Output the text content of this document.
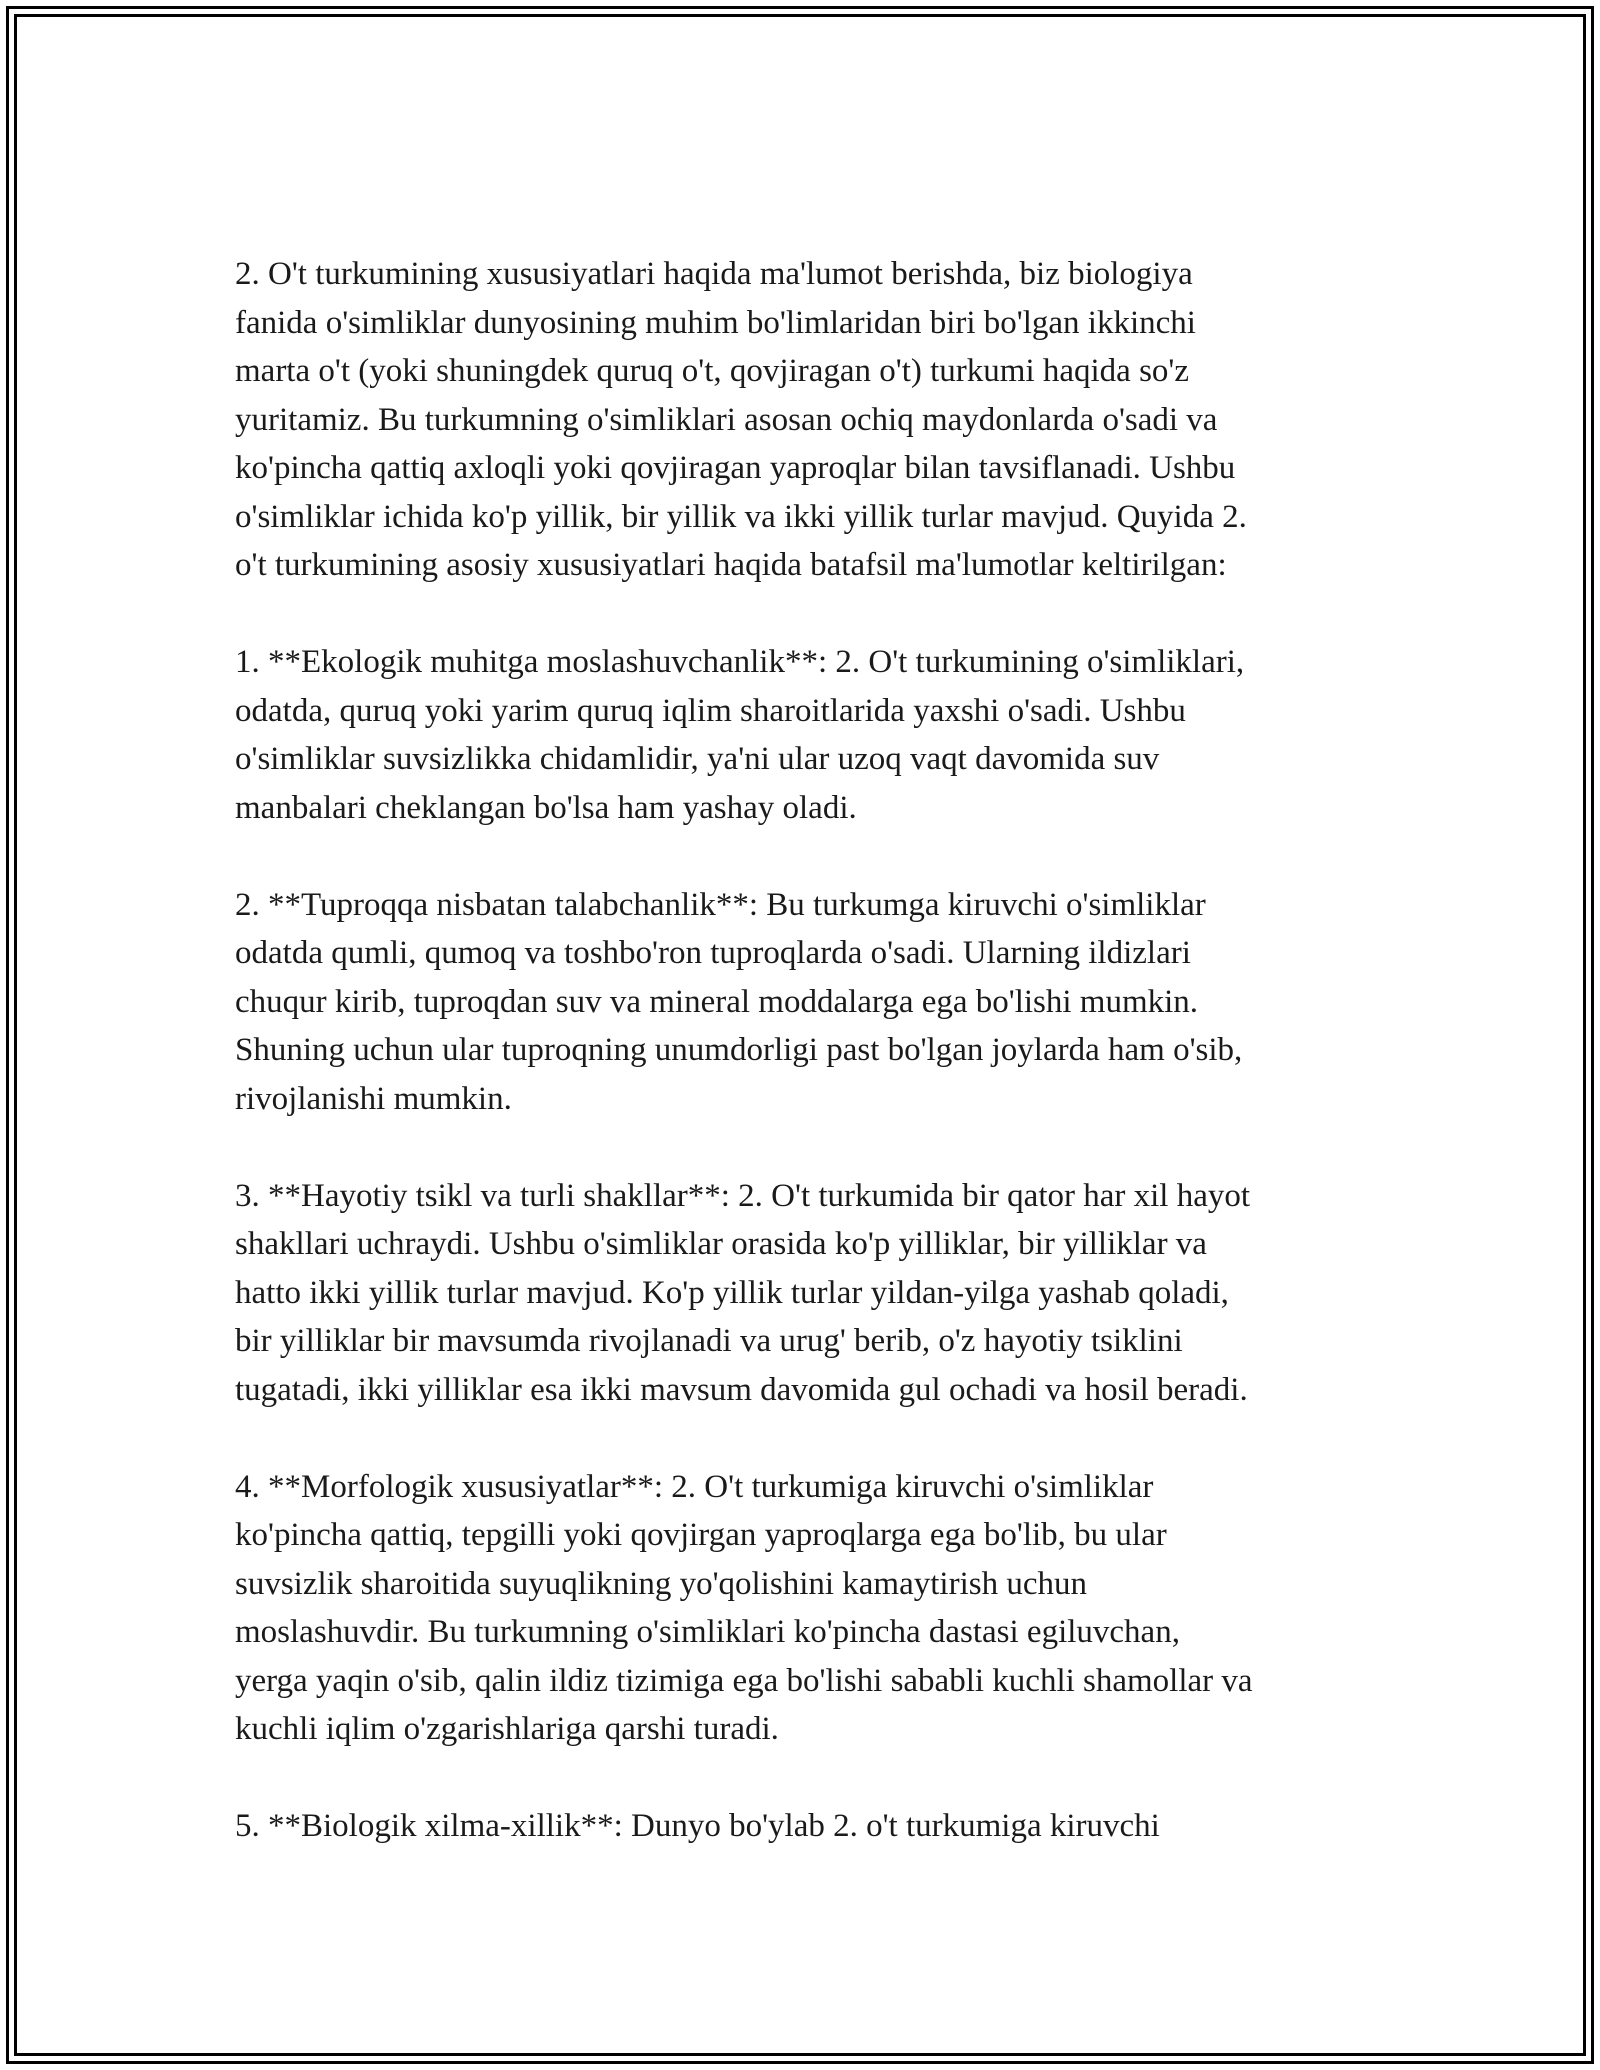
2. O't turkumining xususiyatlari haqida ma'lumot berishda, biz biologiya
fanida o'simliklar dunyosining muhim bo'limlaridan biri bo'lgan ikkinchi
marta o't (yoki shuningdek quruq o't, qovjiragan o't) turkumi haqida so'z
yuritamiz. Bu turkumning o'simliklari asosan ochiq maydonlarda o'sadi va
ko'pincha qattiq axloqli yoki qovjiragan yaproqlar bilan tavsiflanadi. Ushbu
o'simliklar ichida ko'p yillik, bir yillik va ikki yillik turlar mavjud. Quyida 2.
o't turkumining asosiy xususiyatlari haqida batafsil ma'lumotlar keltirilgan:

1. **Ekologik muhitga moslashuvchanlik**: 2. O't turkumining o'simliklari,
odatda, quruq yoki yarim quruq iqlim sharoitlarida yaxshi o'sadi. Ushbu
o'simliklar suvsizlikka chidamlidir, ya'ni ular uzoq vaqt davomida suv
manbalari cheklangan bo'lsa ham yashay oladi.

2. **Tuproqqa nisbatan talabchanlik**: Bu turkumga kiruvchi o'simliklar
odatda qumli, qumoq va toshbo'ron tuproqlarda o'sadi. Ularning ildizlari
chuqur kirib, tuproqdan suv va mineral moddalarga ega bo'lishi mumkin.
Shuning uchun ular tuproqning unumdorligi past bo'lgan joylarda ham o'sib,
rivojlanishi mumkin.

3. **Hayotiy tsikl va turli shakllar**: 2. O't turkumida bir qator har xil hayot
shakllari uchraydi. Ushbu o'simliklar orasida ko'p yilliklar, bir yilliklar va
hatto ikki yillik turlar mavjud. Ko'p yillik turlar yildan-yilga yashab qoladi,
bir yilliklar bir mavsumda rivojlanadi va urug' berib, o'z hayotiy tsiklini
tugatadi, ikki yilliklar esa ikki mavsum davomida gul ochadi va hosil beradi.

4. **Morfologik xususiyatlar**: 2. O't turkumiga kiruvchi o'simliklar
ko'pincha qattiq, tepgilli yoki qovjirgan yaproqlarga ega bo'lib, bu ular
suvsizlik sharoitida suyuqlikning yo'qolishini kamaytirish uchun
moslashuvdir. Bu turkumning o'simliklari ko'pincha dastasi egiluvchan,
yerga yaqin o'sib, qalin ildiz tizimiga ega bo'lishi sababli kuchli shamollar va
kuchli iqlim o'zgarishlariga qarshi turadi.

5. **Biologik xilma-xillik**: Dunyo bo'ylab 2. o't turkumiga kiruvchi
